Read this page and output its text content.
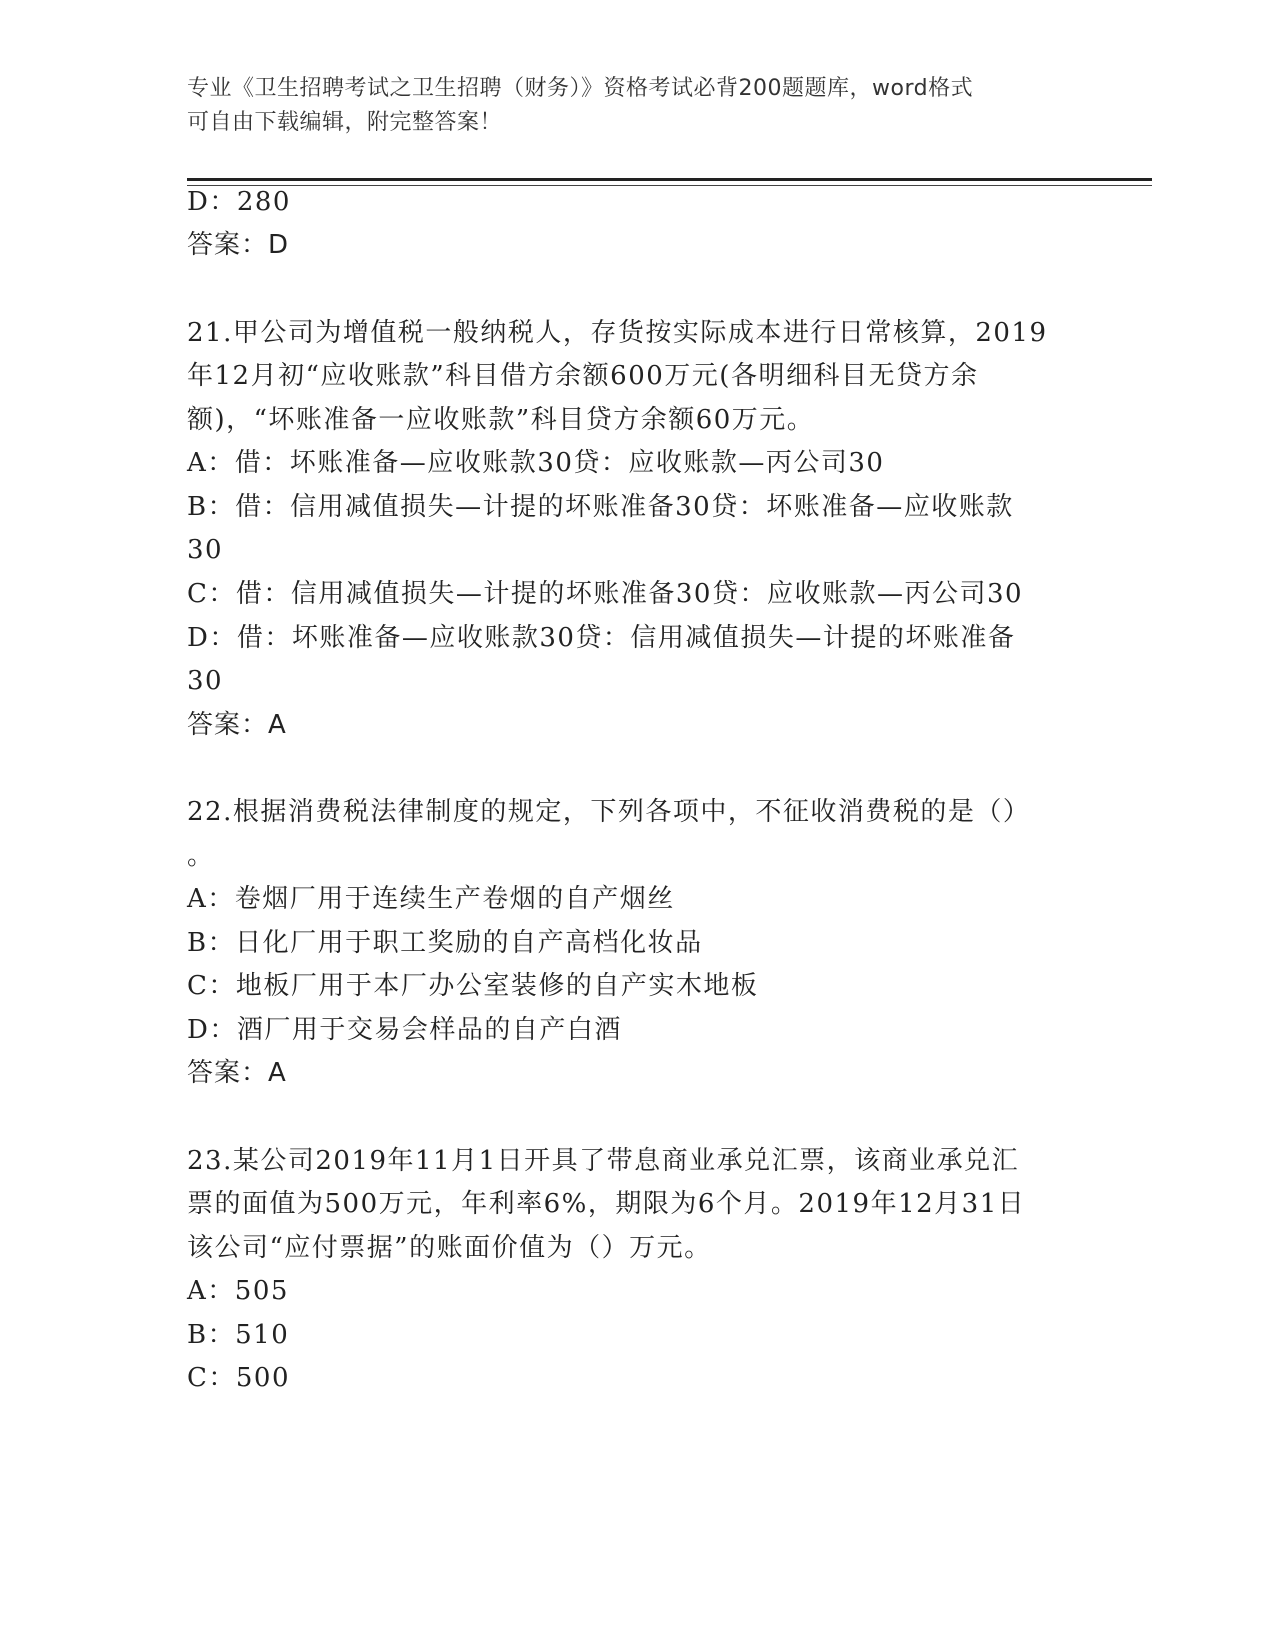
专业《卫生招聘考试之卫生招聘（财务）》资格考试必背200题题库，word格式
可自由下载编辑，附完整答案！
D：280
答案：D
21.甲公司为增值税一般纳税人，存货按实际成本进行日常核算，2019
年12月初“应收账款”科目借方余额600万元(各明细科目无贷方余
额)，“坏账准备一应收账款”科目贷方余额60万元。
A：借：坏账准备—应收账款30贷：应收账款—丙公司30
B：借：信用减值损失—计提的坏账准备30贷：坏账准备—应收账款
30
C：借：信用减值损失—计提的坏账准备30贷：应收账款—丙公司30
D：借：坏账准备—应收账款30贷：信用减值损失—计提的坏账准备
30
答案：A
22.根据消费税法律制度的规定，下列各项中，不征收消费税的是（）
。
A：卷烟厂用于连续生产卷烟的自产烟丝
B：日化厂用于职工奖励的自产高档化妆品
C：地板厂用于本厂办公室装修的自产实木地板
D：酒厂用于交易会样品的自产白酒
答案：A
23.某公司2019年11月1日开具了带息商业承兑汇票，该商业承兑汇
票的面值为500万元，年利率6%，期限为6个月。2019年12月31日
该公司“应付票据”的账面价值为（）万元。
A：505
B：510
C：500
